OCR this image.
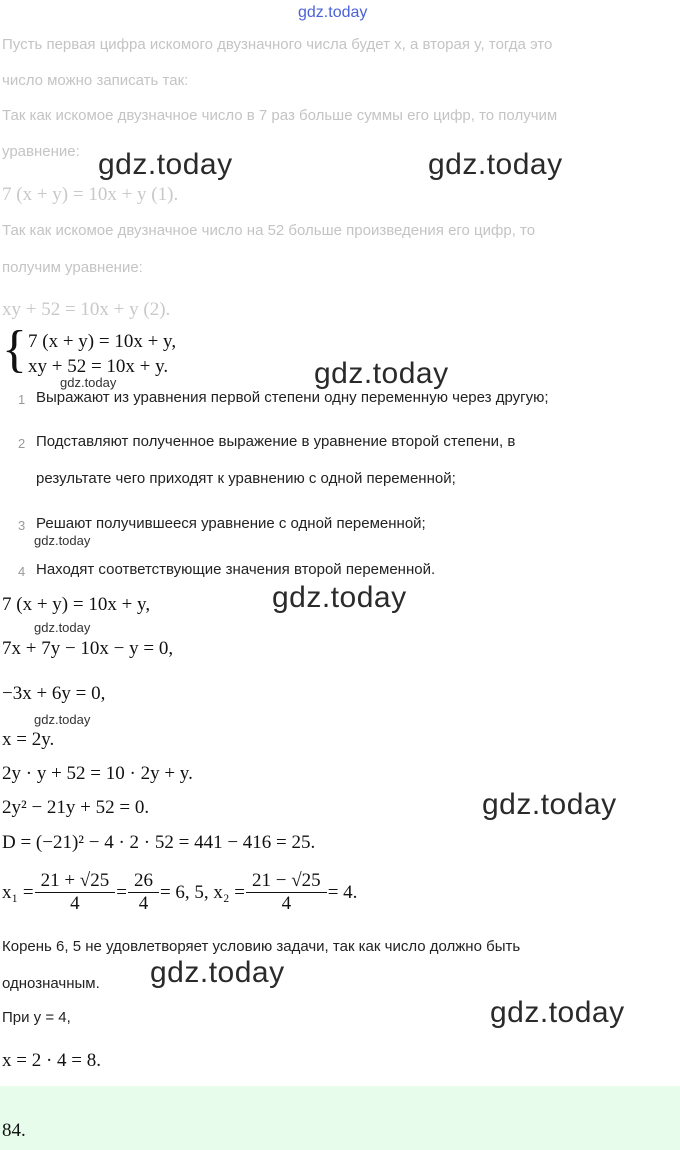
gdz.today
Пусть первая цифра искомого двузначного числа будет x, а вторая y, тогда это
число можно записать так:
Так как искомое двузначное число в 7 раз больше суммы его цифр, то получим
уравнение: gdz.today	gdz.today
7 (x + y) = 10x + y (1).
Так как искомое двузначное число на 52 больше произведения его цифр, то
получим уравнение:
xy + 52 = 10x + y (2).
{ 7 (x + y) = 10x + y,
xy + 52 = 10x + y.
gdz.today	gdz.today
1 Выражают из уравнения первой степени одну переменную через другую;
2 Подставляют полученное выражение в уравнение второй степени, в
результате чего приходят к уравнению с одной переменной;
3 Решают получившееся уравнение с одной переменной;
gdz.today
4 Находят соответствующие значения второй переменной.
7 (x + y) = 10x + y,	gdz.today
gdz.today
7x + 7y − 10x − y = 0,
−3x + 6y = 0,
gdz.today
x = 2y.
2y · y + 52 = 10 · 2y + y.
2y² − 21y + 52 = 0.	gdz.today
D = (−21)² − 4 · 2 · 52 = 441 − 416 = 25.
$x_1 = \frac{21 + √25}{4} = \frac{26}{4} = 6$, 5, $x_2 = \frac{21 - √25}{4} = 4$.
Корень 6, 5 не удовлетворяет условию задачи, так как число должно быть
однозначным. gdz.today
При y = 4,	gdz.today
x = 2 · 4 = 8.
84.
